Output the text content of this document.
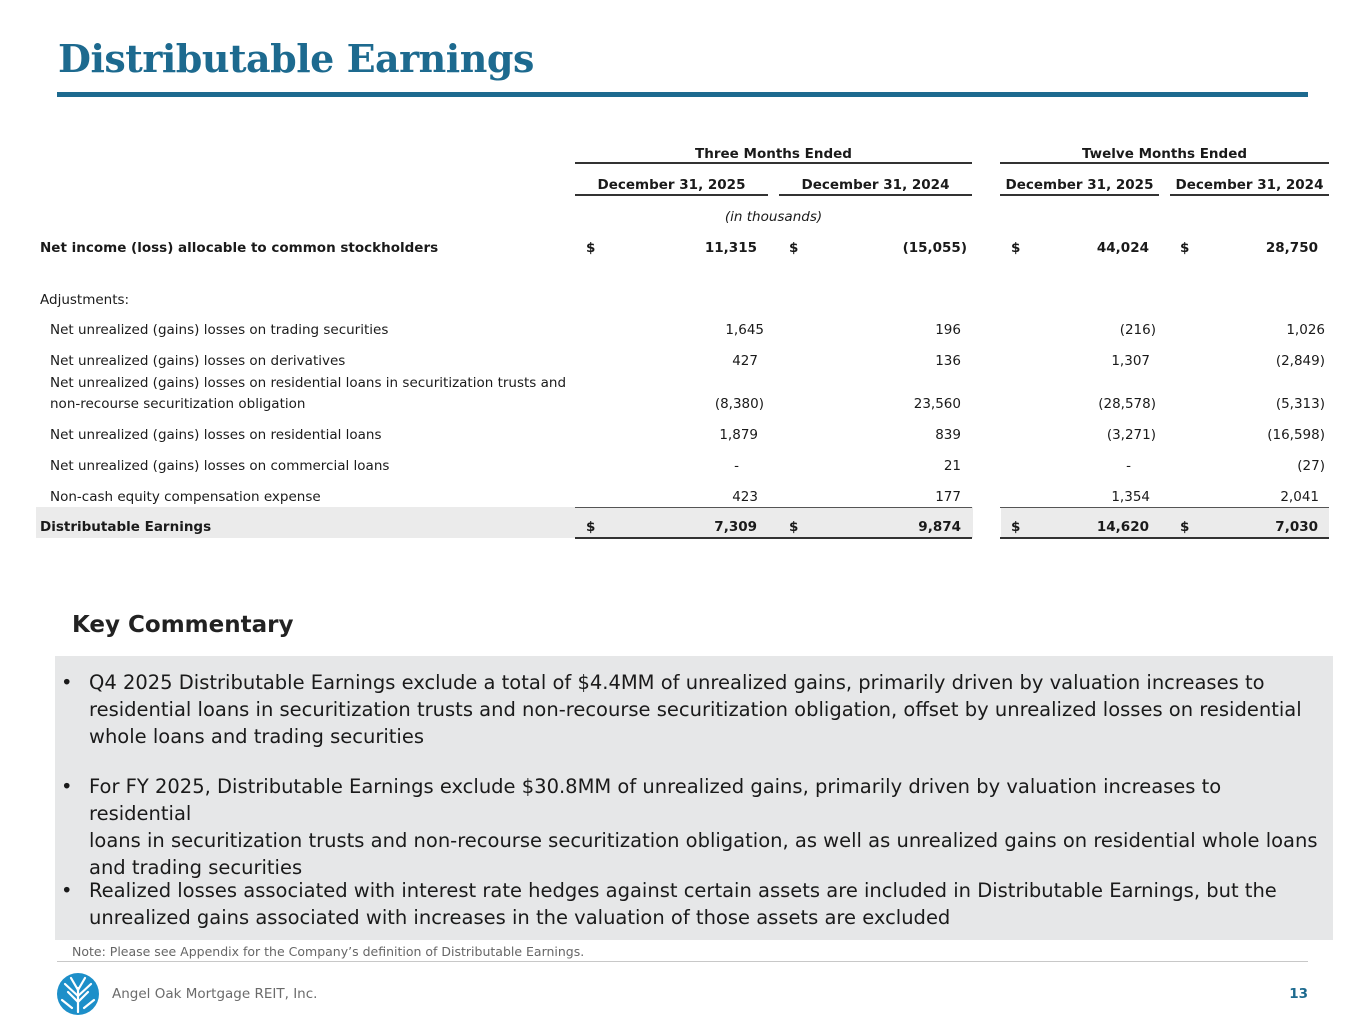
Distributable Earnings
Three Months Ended	Twelve Months Ended
December 31, 2025	December 31, 2024	December 31, 2025	December 31, 2024
(in thousands)
Net income (loss) allocable to common stockholders	$	11,315 $	(15,055)	$	44,024 $	28,750
Adjustments:
Net unrealized (gains) losses on trading securities	1,645	196	(216)	1,026
Net unrealized (gains) losses on derivatives	427	136	1,307	(2,849)
Net unrealized (gains) losses on residential loans in securitization trusts and
non-recourse securitization obligation	(8,380)	23,560	(28,578)	(5,313)
Net unrealized (gains) losses on residential loans	1,879	839	(3,271)	(16,598)
Net unrealized (gains) losses on commercial loans	-	21	-	(27)
Non-cash equity compensation expense	423	177	1,354	2,041
Distributable Earnings	$	7,309 $	9,874	$	14,620 $	7,030
Key Commentary
• Q4 2025 Distributable Earnings exclude a total of $4.4MM of unrealized gains, primarily driven by valuation increases to
residential loans in securitization trusts and non-recourse securitization obligation, offset by unrealized losses on residential
whole loans and trading securities
• For FY 2025, Distributable Earnings exclude $30.8MM of unrealized gains, primarily driven by valuation increases to residential
loans in securitization trusts and non-recourse securitization obligation, as well as unrealized gains on residential whole loans
and trading securities
• Realized losses associated with interest rate hedges against certain assets are included in Distributable Earnings, but the
unrealized gains associated with increases in the valuation of those assets are excluded
Note: Please see Appendix for the Company’s definition of Distributable Earnings.
Angel Oak Mortgage REIT, Inc.	13
